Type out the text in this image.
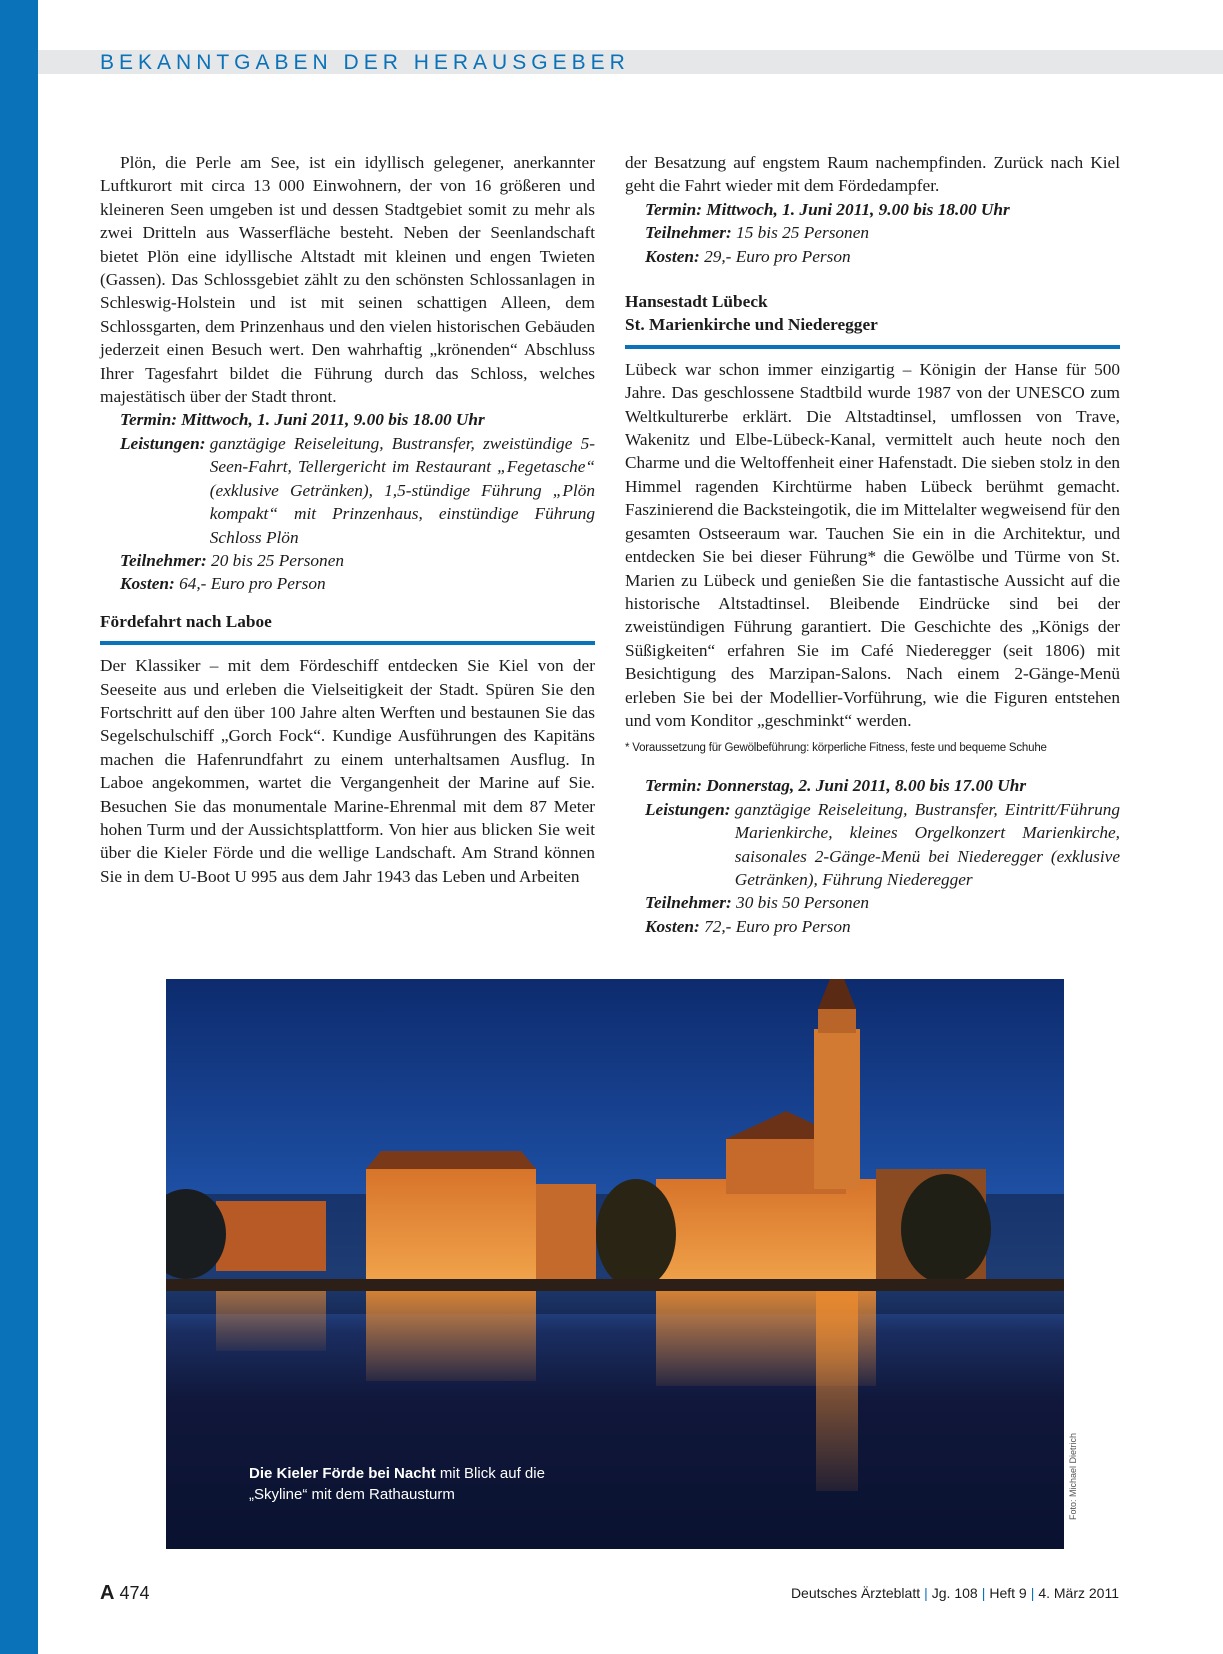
BEKANNTGABEN DER HERAUSGEBER

Plön, die Perle am See, ist ein idyllisch gelegener, anerkannter Luftkurort mit circa 13 000 Einwohnern, der von 16 größeren und kleineren Seen umgeben ist und dessen Stadtgebiet somit zu mehr als zwei Dritteln aus Wasserfläche besteht. Neben der Seenlandschaft bietet Plön eine idyllische Altstadt mit kleinen und engen Twieten (Gassen). Das Schlossgebiet zählt zu den schönsten Schlossanlagen in Schleswig-Holstein und ist mit seinen schattigen Alleen, dem Schlossgarten, dem Prinzenhaus und den vielen historischen Gebäuden jederzeit einen Besuch wert. Den wahrhaftig „krönenden“ Abschluss Ihrer Tagesfahrt bildet die Führung durch das Schloss, welches majestätisch über der Stadt thront.

Termin: Mittwoch, 1. Juni 2011, 9.00 bis 18.00 Uhr
Leistungen: ganztägige Reiseleitung, Bustransfer, zweistündige 5-Seen-Fahrt, Tellergericht im Restaurant „Fegetasche“ (exklusive Getränken), 1,5-stündige Führung „Plön kompakt“ mit Prinzenhaus, einstündige Führung Schloss Plön
Teilnehmer: 20 bis 25 Personen
Kosten: 64,- Euro pro Person
Fördefahrt nach Laboe

Der Klassiker – mit dem Fördeschiff entdecken Sie Kiel von der Seeseite aus und erleben die Vielseitigkeit der Stadt. Spüren Sie den Fortschritt auf den über 100 Jahre alten Werften und bestaunen Sie das Segelschulschiff „Gorch Fock“. Kundige Ausführungen des Kapitäns machen die Hafenrundfahrt zu einem unterhaltsamen Ausflug. In Laboe angekommen, wartet die Vergangenheit der Marine auf Sie. Besuchen Sie das monumentale Marine-Ehrenmal mit dem 87 Meter hohen Turm und der Aussichtsplattform. Von hier aus blicken Sie weit über die Kieler Förde und die wellige Landschaft. Am Strand können Sie in dem U-Boot U 995 aus dem Jahr 1943 das Leben und Arbeiten

der Besatzung auf engstem Raum nachempfinden. Zurück nach Kiel geht die Fahrt wieder mit dem Fördedampfer.

Termin: Mittwoch, 1. Juni 2011, 9.00 bis 18.00 Uhr
Teilnehmer: 15 bis 25 Personen
Kosten: 29,- Euro pro Person
Hansestadt Lübeck
St. Marienkirche und Niederegger

Lübeck war schon immer einzigartig – Königin der Hanse für 500 Jahre. Das geschlossene Stadtbild wurde 1987 von der UNESCO zum Weltkulturerbe erklärt. Die Altstadtinsel, umflossen von Trave, Wakenitz und Elbe-Lübeck-Kanal, vermittelt auch heute noch den Charme und die Weltoffenheit einer Hafenstadt. Die sieben stolz in den Himmel ragenden Kirchtürme haben Lübeck berühmt gemacht. Faszinierend die Backsteingotik, die im Mittelalter wegweisend für den gesamten Ostseeraum war. Tauchen Sie ein in die Architektur, und entdecken Sie bei dieser Führung* die Gewölbe und Türme von St. Marien zu Lübeck und genießen Sie die fantastische Aussicht auf die historische Altstadtinsel. Bleibende Eindrücke sind bei der zweistündigen Führung garantiert. Die Geschichte des „Königs der Süßigkeiten“ erfahren Sie im Café Niederegger (seit 1806) mit Besichtigung des Marzipan-Salons. Nach einem 2-Gänge-Menü erleben Sie bei der Modellier-Vorführung, wie die Figuren entstehen und vom Konditor „geschminkt“ werden.

* Voraussetzung für Gewölbeführung: körperliche Fitness, feste und bequeme Schuhe
Termin: Donnerstag, 2. Juni 2011, 8.00 bis 17.00 Uhr
Leistungen: ganztägige Reiseleitung, Bustransfer, Eintritt/Führung Marienkirche, kleines Orgelkonzert Marienkirche, saisonales 2-Gänge-Menü bei Niederegger (exklusive Getränken), Führung Niederegger
Teilnehmer: 30 bis 50 Personen
Kosten: 72,- Euro pro Person
Die Kieler Förde bei Nacht mit Blick auf die
„Skyline“ mit dem Rathausturm	Foto: Michael Dietrich
A 474	Deutsches Ärzteblatt | Jg. 108 | Heft 9 | 4. März 2011
